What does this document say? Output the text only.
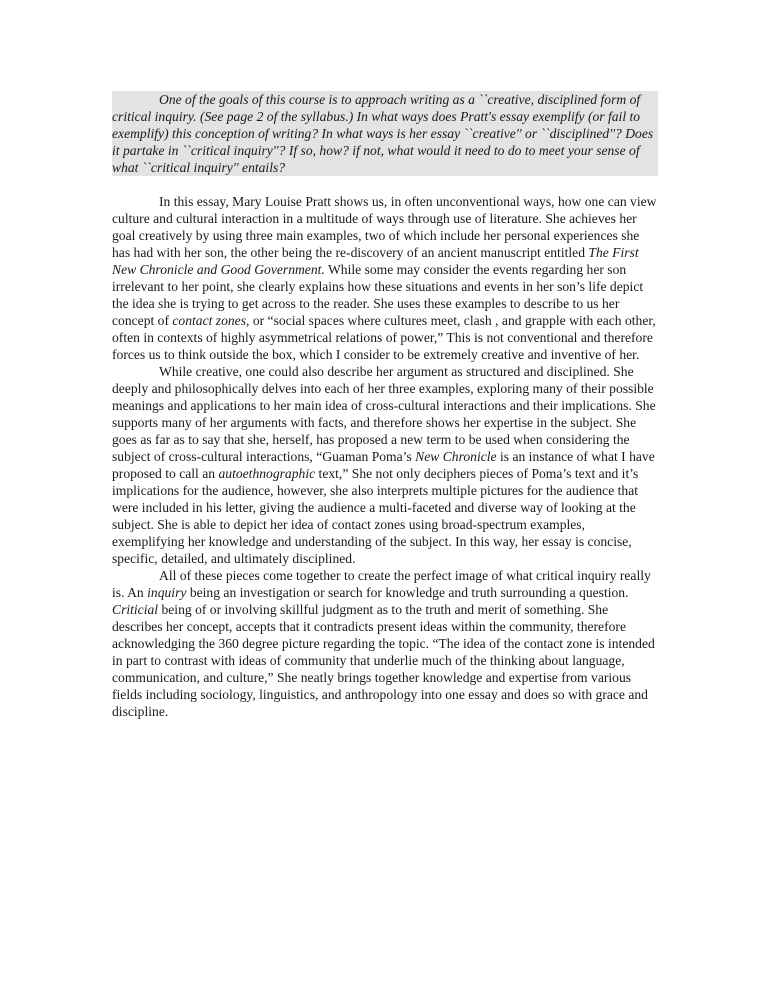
One of the goals of this course is to approach writing as a ``creative, disciplined form of critical inquiry. (See page 2 of the syllabus.) In what ways does Pratt's essay exemplify (or fail to exemplify) this conception of writing? In what ways is her essay ``creative'' or ``disciplined''? Does it partake in ``critical inquiry''? If so, how? if not, what would it need to do to meet your sense of what ``critical inquiry'' entails?

In this essay, Mary Louise Pratt shows us, in often unconventional ways, how one can view culture and cultural interaction in a multitude of ways through use of literature. She achieves her goal creatively by using three main examples, two of which include her personal experiences she has had with her son, the other being the re-discovery of an ancient manuscript entitled The First New Chronicle and Good Government. While some may consider the events regarding her son irrelevant to her point, she clearly explains how these situations and events in her son’s life depict the idea she is trying to get across to the reader. She uses these examples to describe to us her concept of contact zones, or “social spaces where cultures meet, clash , and grapple with each other, often in contexts of highly asymmetrical relations of power,” This is not conventional and therefore forces us to think outside the box, which I consider to be extremely creative and inventive of her.

While creative, one could also describe her argument as structured and disciplined. She deeply and philosophically delves into each of her three examples, exploring many of their possible meanings and applications to her main idea of cross-cultural interactions and their implications. She supports many of her arguments with facts, and therefore shows her expertise in the subject. She goes as far as to say that she, herself, has proposed a new term to be used when considering the subject of cross-cultural interactions, “Guaman Poma’s New Chronicle is an instance of what I have proposed to call an autoethnographic text,” She not only deciphers pieces of Poma’s text and it’s implications for the audience, however, she also interprets multiple pictures for the audience that were included in his letter, giving the audience a multi-faceted and diverse way of looking at the subject. She is able to depict her idea of contact zones using broad-spectrum examples, exemplifying her knowledge and understanding of the subject. In this way, her essay is concise, specific, detailed, and ultimately disciplined.

All of these pieces come together to create the perfect image of what critical inquiry really is. An inquiry being an investigation or search for knowledge and truth surrounding a question. Criticial being of or involving skillful judgment as to the truth and merit of something. She describes her concept, accepts that it contradicts present ideas within the community, therefore acknowledging the 360 degree picture regarding the topic. “The idea of the contact zone is intended in part to contrast with ideas of community that underlie much of the thinking about language, communication, and culture,” She neatly brings together knowledge and expertise from various fields including sociology, linguistics, and anthropology into one essay and does so with grace and discipline.
